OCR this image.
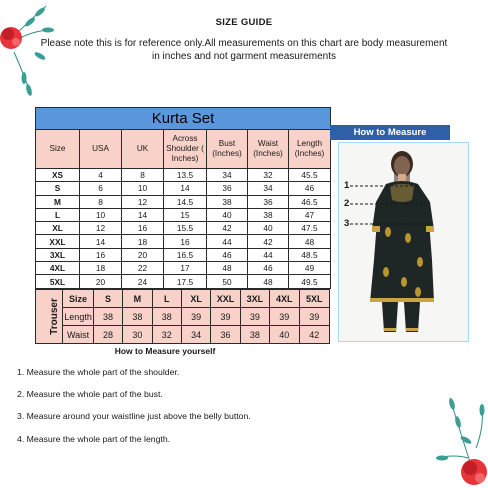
SIZE GUIDE
Please note this is for reference only.All measurements on this chart are body measurement in inches and not garment measurements
Kurta Set						
Size	USA	UK	Across Shoulder ( Inches)	Bust (Inches)	Waist (Inches)	Length (Inches)
XS	4	8	13.5	34	32	45.5
S	6	10	14	36	34	46
M	8	12	14.5	38	36	46.5
L	10	14	15	40	38	47
XL	12	16	15.5	42	40	47.5
XXL	14	18	16	44	42	48
3XL	16	20	16.5	46	44	48.5
4XL	18	22	17	48	46	49
5XL	20	24	17.5	50	48	49.5
Trouser	Size	S	M	L	XL	XXL	3XL	4XL	5XL
	Length	38	38	38	39	39	39	39	39
	Waist	28	30	32	34	36	38	40	42
How to Measure
1
2
3
How to Measure yourself
1. Measure the whole part of the shoulder.
2. Measure the whole part of the bust.
3. Measure around your waistline just above the belly button.
4. Measure the whole part of the length.
